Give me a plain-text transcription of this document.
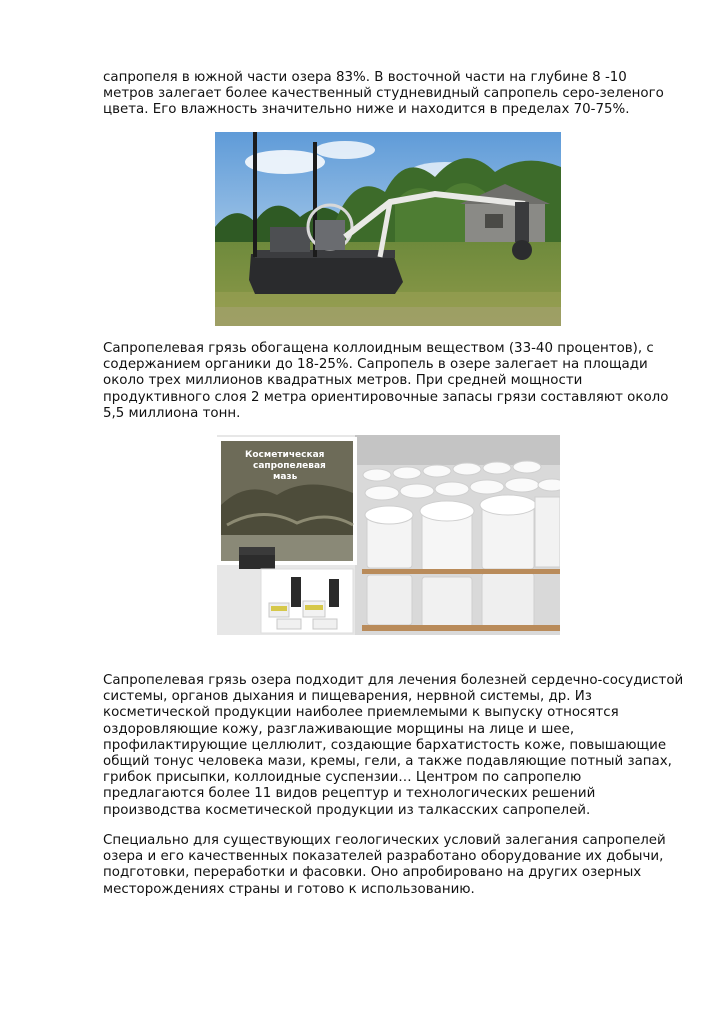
сапропеля в южной части озера 83%. В восточной части на глубине 8 -10
метров залегает более качественный студневидный сапропель серо-зеленого
цвета. Его влажность значительно ниже и находится в пределах 70-75%.

Сапропелевая грязь обогащена коллоидным веществом (33-40 процентов), с
содержанием органики до 18-25%. Сапропель в озере залегает на площади
около трех миллионов квадратных метров. При средней мощности
продуктивного слоя 2 метра ориентировочные запасы грязи составляют около
5,5 миллиона тонн.

Косметическая
сапропелевая
мазь

Сапропелевая грязь озера подходит для лечения болезней сердечно-сосудистой
системы, органов дыхания и пищеварения, нервной системы, др. Из
косметической продукции наиболее приемлемыми к выпуску относятся
оздоровляющие кожу, разглаживающие морщины на лице и шее,
профилактирующие целлюлит, создающие бархатистость коже, повышающие
общий тонус человека мази, кремы, гели, а также подавляющие потный запах,
грибок присыпки, коллоидные суспензии… Центром по сапропелю
предлагаются более 11 видов рецептур и технологических решений
производства косметической продукции из талкасских сапропелей.

Специально для существующих геологических условий залегания сапропелей
озера и его качественных показателей разработано оборудование их добычи,
подготовки, переработки и фасовки. Оно апробировано на других озерных
месторождениях страны и готово к использованию.
